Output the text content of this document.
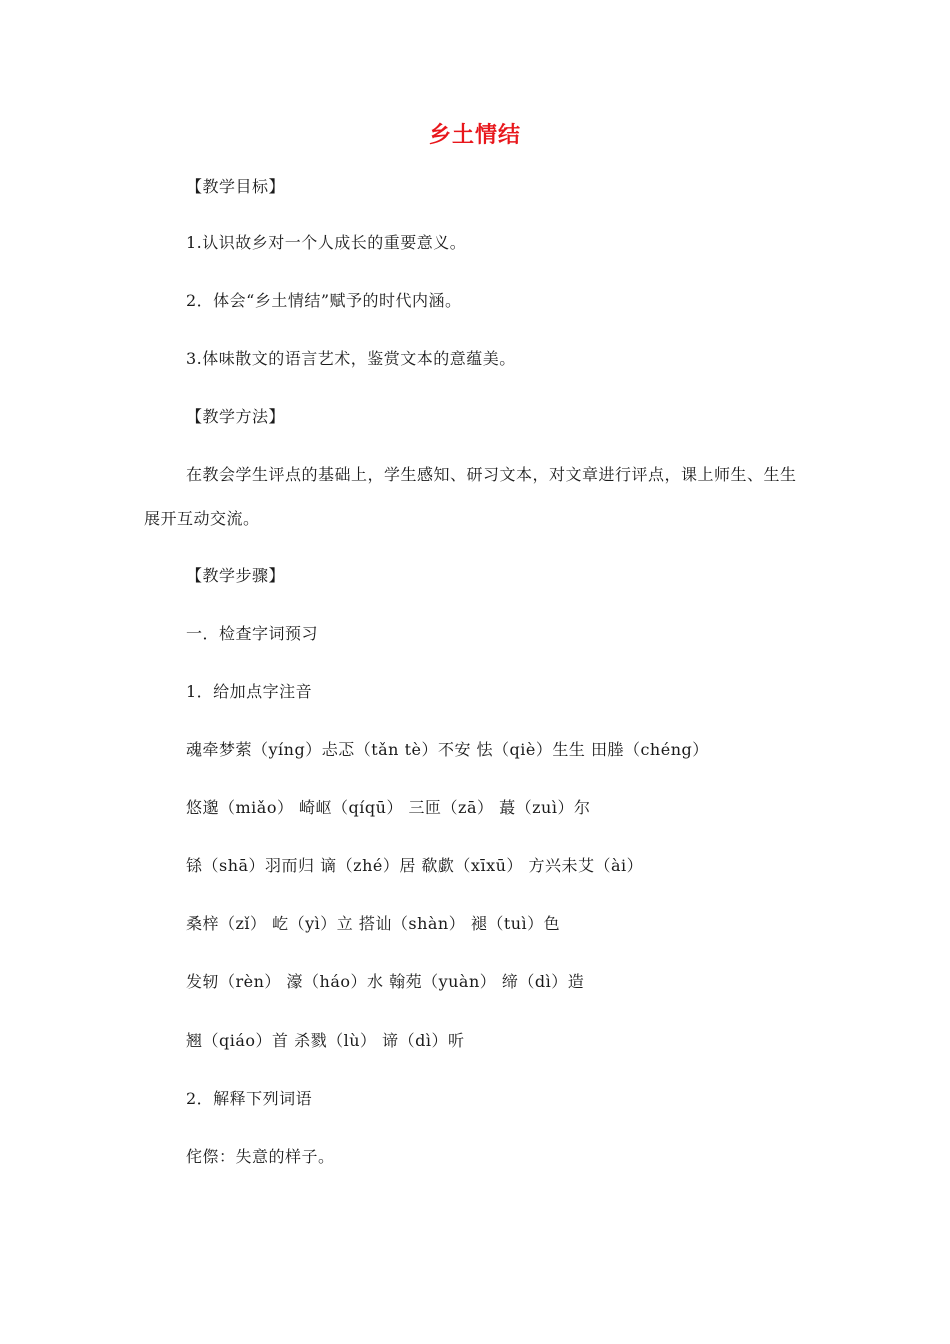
乡土情结
【教学目标】
1.认识故乡对一个人成长的重要意义。
2．体会“乡土情结”赋予的时代内涵。
3.体味散文的语言艺术，鉴赏文本的意蕴美。
【教学方法】
在教会学生评点的基础上，学生感知、研习文本，对文章进行评点，课上师生、生生展开互动交流。
【教学步骤】
一．检查字词预习
1．给加点字注音
魂牵梦萦（yíng）忐忑（tǎn tè）不安 怯（qiè）生生 田塍（chéng）
悠邈（miǎo） 崎岖（qíqū） 三匝（zā） 蕞（zuì）尔
铩（shā）羽而归 谪（zhé）居 欷歔（xīxū） 方兴未艾（ài）
桑梓（zǐ） 屹（yì）立 搭讪（shàn） 褪（tuì）色
发轫（rèn） 濠（háo）水 翰苑（yuàn） 缔（dì）造
翘（qiáo）首 杀戮（lù） 谛（dì）听
2．解释下列词语
侘傺：失意的样子。
